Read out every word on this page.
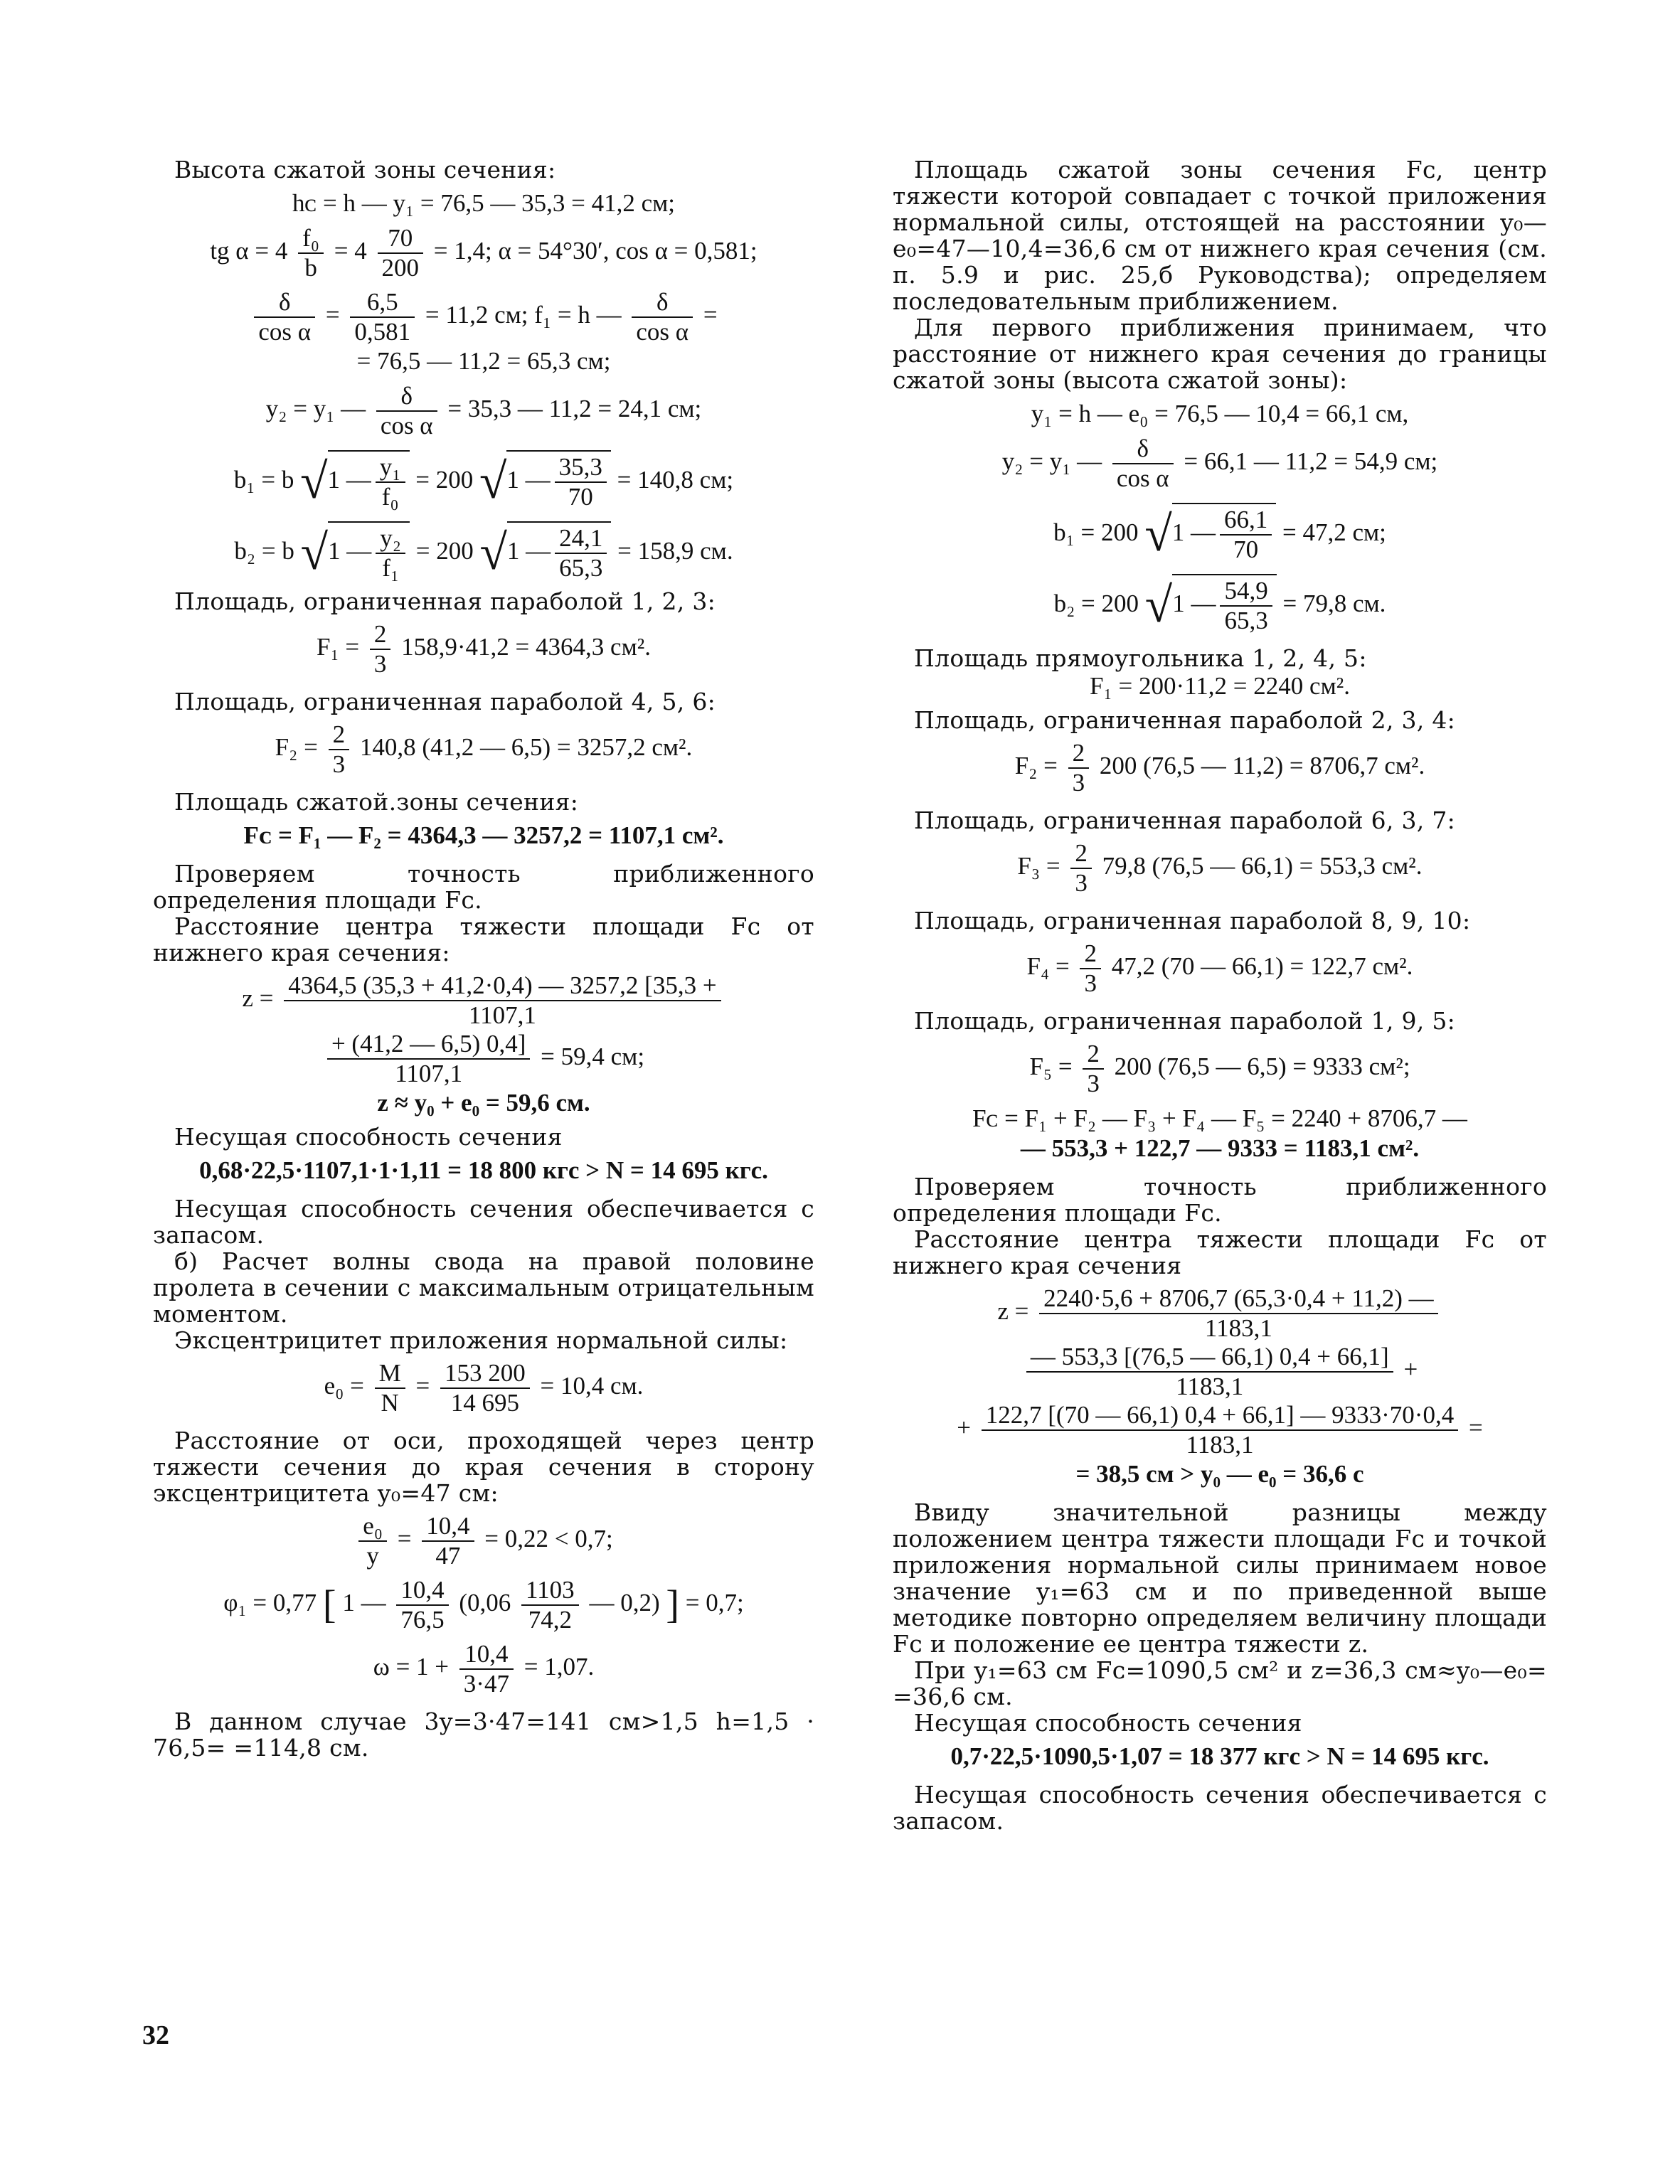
Высота сжатой зоны сечения:

hᴄ = h — y₁ = 76,5 — 35,3 = 41,2 см;

tg $\alpha = 4 \frac{\text{f₀}}{b} = 4 \frac{70}{200} = 1,4$; α = 54°30′, cos α = 0,581;

$\frac{\delta}{\text{cos α}} = \frac{6,5}{0,581} = 11,2$ см; f₁ = h — $\frac{\delta}{\text{cos α}}$ =

= 76,5 — 11,2 = 65,3 см;

y₂ = y₁ — $\frac{\delta}{\text{cos α}} = 35,3$ — 11,2 = 24,1 см;

b₁ = b √1 — $\frac{\text{y₁}}{\text{f₀}} = 200$ √1 — $\frac{35,3}{70} = 140,8$ см;

b₂ = b √1 — $\frac{\text{y₂}}{\text{f₁}} = 200$ √1 — $\frac{24,1}{65,3} = 158,9$ см.

Площадь, ограниченная параболой 1, 2, 3:

$F_1 = \frac{2}{3} 158,9\cdot 41,2 = 4364,3$ см².

Площадь, ограниченная параболой 4, 5, 6:

$F_2 = \frac{2}{3} 140,8$ (41,2 — 6,5) = 3257,2 см².

Площадь сжатой.зоны сечения:

Fᴄ = F₁ — F₂ = 4364,3 — 3257,2 = 1107,1 см².

Проверяем точность приближенного определения площади Fᴄ.

Расстояние центра тяжести площади Fᴄ от нижнего края сечения:

$z = \frac{4364,5 (35,3 + 41,2\cdot 0,4) — 3257,2 [35,3 +}{1107,1}$

$\frac{+ (41,2 — 6,5) 0,4]}{1107,1} = 59,4$ см;

z ≈ y₀ + e₀ = 59,6 см.

Несущая способность сечения

0,68·22,5·1107,1·1·1,11 = 18 800 кгс > N = 14 695 кгс.

Несущая способность сечения обеспечивается с запасом.

б) Расчет волны свода на правой половине пролета в сечении с максимальным отрицательным моментом.

Эксцентрицитет приложения нормальной силы:

$e_0 = \frac{M}{N} = \frac{153 200}{14 695} = 10,4$ см.

Расстояние от оси, проходящей через центр тяжести сечения до края сечения в сторону эксцентрицитета y₀=47 см:

$\frac{\text{e₀}}{y} = \frac{10,4}{47} = 0,22 < 0,7$;

φ₁ = 0,77 [ 1 — $\frac{10,4}{76,5} (0,06 \frac{1103}{74,2}$ — 0,2) ] = 0,7;

$\omega = 1 + \frac{10,4}{3\cdot 47} = 1,07$.

В данном случае 3y=3·47=141 см>1,5 h=1,5 · 76,5= =114,8 см.

Площадь сжатой зоны сечения Fᴄ, центр тяжести которой совпадает с точкой приложения нормальной силы, отстоящей на расстоянии y₀—e₀=47—10,4=36,6 см от нижнего края сечения (см. п. 5.9 и рис. 25,б Руководства); определяем последовательным приближением.

Для первого приближения принимаем, что расстояние от нижнего края сечения до границы сжатой зоны (высота сжатой зоны):

y₁ = h — e₀ = 76,5 — 10,4 = 66,1 см,

y₂ = y₁ — $\frac{\delta}{\text{cos α}} = 66,1$ — 11,2 = 54,9 см;

b₁ = 200 √1 — $\frac{66,1}{70} = 47,2$ см;

b₂ = 200 √1 — $\frac{54,9}{65,3} = 79,8$ см.

Площадь прямоугольника 1, 2, 4, 5:

F₁ = 200·11,2 = 2240 см².

Площадь, ограниченная параболой 2, 3, 4:

$F_2 = \frac{2}{3} 200$ (76,5 — 11,2) = 8706,7 см².

Площадь, ограниченная параболой 6, 3, 7:

$F_3 = \frac{2}{3} 79,8$ (76,5 — 66,1) = 553,3 см².

Площадь, ограниченная параболой 8, 9, 10:

$F_4 = \frac{2}{3} 47,2$ (70 — 66,1) = 122,7 см².

Площадь, ограниченная параболой 1, 9, 5:

$F_5 = \frac{2}{3} 200$ (76,5 — 6,5) = 9333 см²;

Fᴄ = F₁ + F₂ — F₃ + F₄ — F₅ = 2240 + 8706,7 —

— 553,3 + 122,7 — 9333 = 1183,1 см².

Проверяем точность приближенного определения площади Fᴄ.

Расстояние центра тяжести площади Fᴄ от нижнего края сечения

$z = \frac{2240\cdot 5,6 + 8706,7 (65,3\cdot 0,4 + 11,2) —}{1183,1}$

$\frac{— 553,3 [(76,5 — 66,1) 0,4 + 66,1]}{1183,1}$ +

+ $\frac{122,7 [(70 — 66,1) 0,4 + 66,1] — 9333\cdot 70\cdot 0,4}{1183,1}$ =

= 38,5 см > y₀ — e₀ = 36,6 с

Ввиду значительной разницы между положением центра тяжести площади Fᴄ и точкой приложения нормальной силы принимаем новое значение y₁=63 см и по приведенной выше методике повторно определяем величину площади Fᴄ и положение ее центра тяжести z.

При y₁=63 см Fᴄ=1090,5 см² и z=36,3 см≈y₀—e₀= =36,6 см.

Несущая способность сечения

0,7·22,5·1090,5·1,07 = 18 377 кгс > N = 14 695 кгс.

Несущая способность сечения обеспечивается с запасом.

32
